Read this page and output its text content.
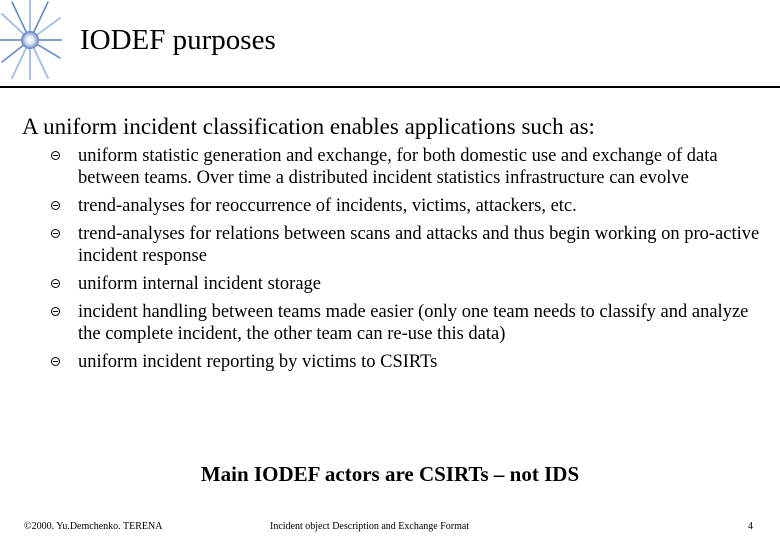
IODEF purposes
A uniform incident classification enables applications such as:
uniform statistic generation and exchange, for both domestic use and exchange of data between teams. Over time a distributed incident statistics infrastructure can evolve
trend-analyses for reoccurrence of incidents, victims, attackers, etc.
trend-analyses for relations between scans and attacks and thus begin working on pro-active incident response
uniform internal incident storage
incident handling between teams made easier (only one team needs to classify and analyze the complete incident, the other team can re-use this data)
uniform incident reporting by victims to CSIRTs
Main IODEF actors are CSIRTs – not IDS
©2000. Yu.Demchenko. TERENA	Incident object Description and Exchange Format	4
